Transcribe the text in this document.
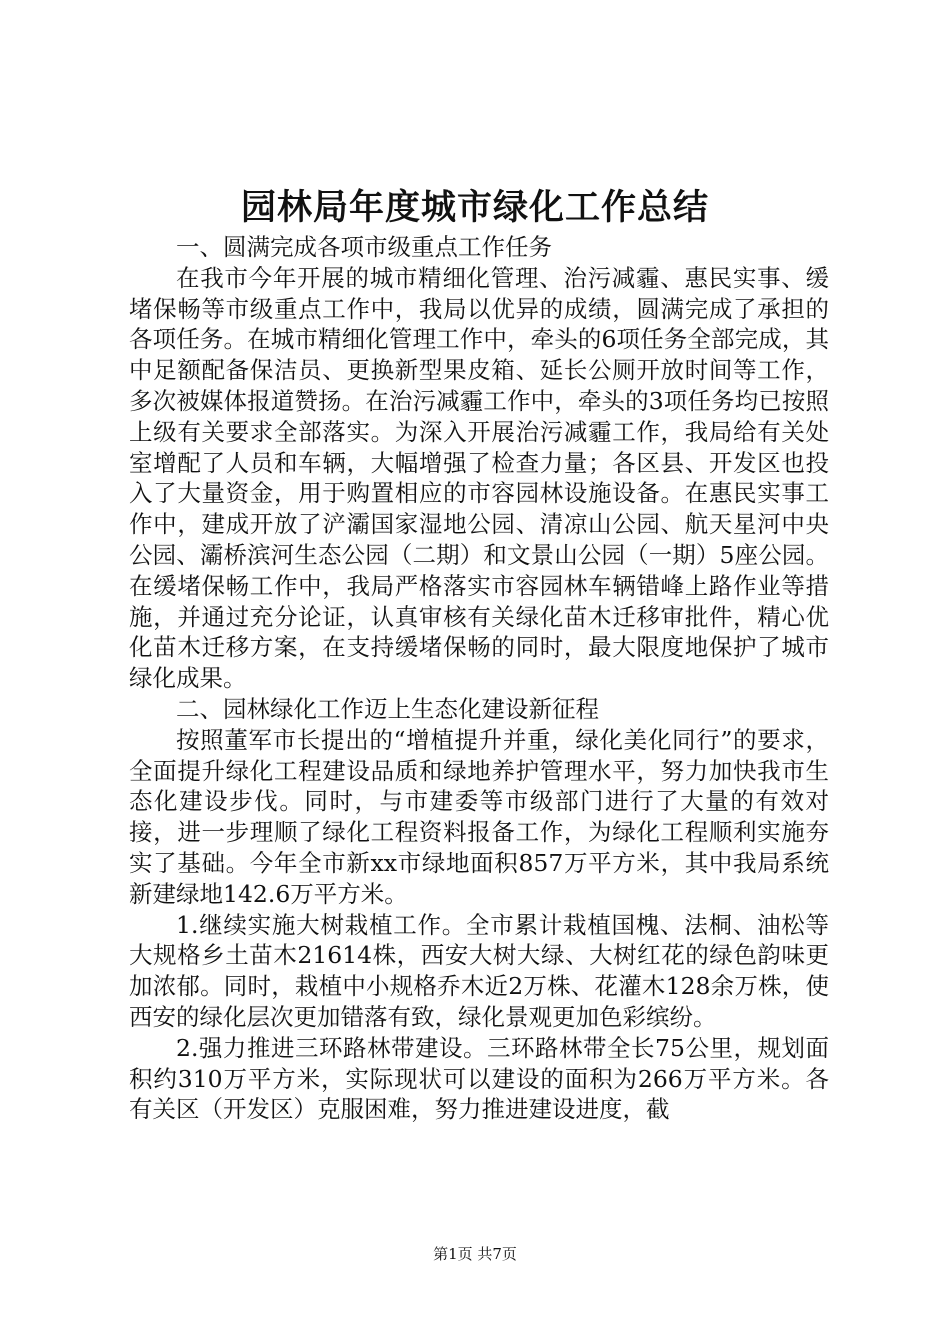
园林局年度城市绿化工作总结

一、圆满完成各项市级重点工作任务

在我市今年开展的城市精细化管理、治污减霾、惠民实事、缓堵保畅等市级重点工作中，我局以优异的成绩，圆满完成了承担的各项任务。在城市精细化管理工作中，牵头的6项任务全部完成，其中足额配备保洁员、更换新型果皮箱、延长公厕开放时间等工作，多次被媒体报道赞扬。在治污减霾工作中，牵头的3项任务均已按照上级有关要求全部落实。为深入开展治污减霾工作，我局给有关处室增配了人员和车辆，大幅增强了检查力量；各区县、开发区也投入了大量资金，用于购置相应的市容园林设施设备。在惠民实事工作中，建成开放了浐灞国家湿地公园、清凉山公园、航天星河中央公园、灞桥滨河生态公园（二期）和文景山公园（一期）5座公园。在缓堵保畅工作中，我局严格落实市容园林车辆错峰上路作业等措施，并通过充分论证，认真审核有关绿化苗木迁移审批件，精心优化苗木迁移方案，在支持缓堵保畅的同时，最大限度地保护了城市绿化成果。

二、园林绿化工作迈上生态化建设新征程

按照董军市长提出的“增植提升并重，绿化美化同行”的要求，全面提升绿化工程建设品质和绿地养护管理水平，努力加快我市生态化建设步伐。同时，与市建委等市级部门进行了大量的有效对接，进一步理顺了绿化工程资料报备工作，为绿化工程顺利实施夯实了基础。今年全市新xx市绿地面积857万平方米，其中我局系统新建绿地142.6万平方米。

1.继续实施大树栽植工作。全市累计栽植国槐、法桐、油松等大规格乡土苗木21614株，西安大树大绿、大树红花的绿色韵味更加浓郁。同时，栽植中小规格乔木近2万株、花灌木128余万株，使西安的绿化层次更加错落有致，绿化景观更加色彩缤纷。

2.强力推进三环路林带建设。三环路林带全长75公里，规划面积约310万平方米，实际现状可以建设的面积为266万平方米。各有关区（开发区）克服困难，努力推进建设进度，截

第1页 共7页
